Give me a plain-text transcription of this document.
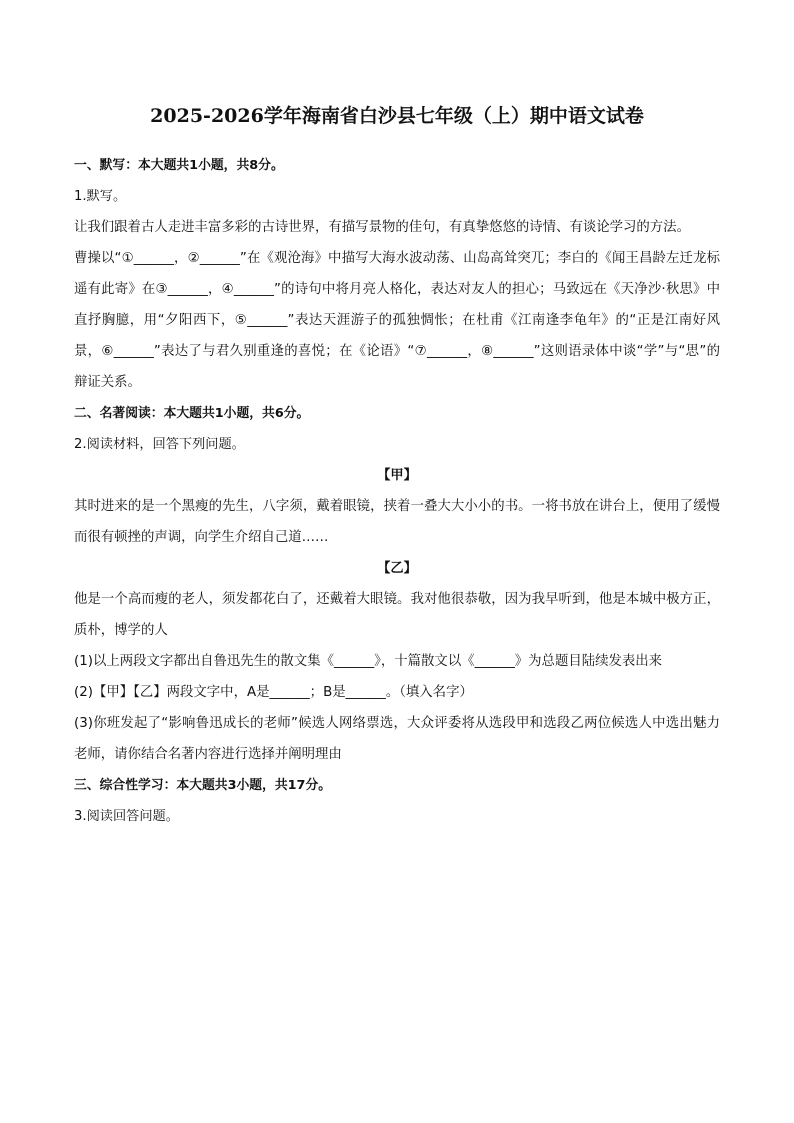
2025-2026学年海南省白沙县七年级（上）期中语文试卷

一、默写：本大题共1小题，共8分。

1.默写。

让我们跟着古人走进丰富多彩的古诗世界，有描写景物的佳句，有真挚悠悠的诗情、有谈论学习的方法。

曹操以“①______，②______”在《观沧海》中描写大海水波动荡、山岛高耸突兀；李白的《闻王昌龄左迁龙标遥有此寄》在③______，④______”的诗句中将月亮人格化，表达对友人的担心；马致远在《天净沙·秋思》中直抒胸臆，用“夕阳西下，⑤______”表达天涯游子的孤独惆怅；在杜甫《江南逢李龟年》的“正是江南好风景，⑥______”表达了与君久别重逢的喜悦；在《论语》“⑦______，⑧______”这则语录体中谈“学”与“思”的辩证关系。

二、名著阅读：本大题共1小题，共6分。

2.阅读材料，回答下列问题。

【甲】

其时进来的是一个黑瘦的先生，八字须，戴着眼镜，挟着一叠大大小小的书。一将书放在讲台上，便用了缓慢而很有顿挫的声调，向学生介绍自己道……

【乙】

他是一个高而瘦的老人，须发都花白了，还戴着大眼镜。我对他很恭敬，因为我早听到，他是本城中极方正，质朴，博学的人

(1)以上两段文字都出自鲁迅先生的散文集《______》，十篇散文以《______》为总题目陆续发表出来

(2)【甲】【乙】两段文字中，A是______；B是______。（填入名字）

(3)你班发起了“影响鲁迅成长的老师”候选人网络票选，大众评委将从选段甲和选段乙两位候选人中选出魅力老师，请你结合名著内容进行选择并阐明理由

三、综合性学习：本大题共3小题，共17分。

3.阅读回答问题。
